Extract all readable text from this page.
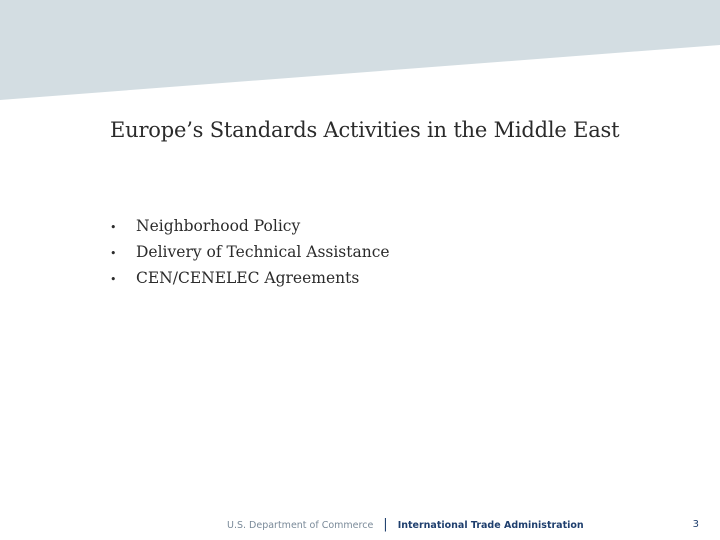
Europe’s Standards Activities in the Middle East
•	Neighborhood Policy
•	Delivery of Technical Assistance
•	CEN/CENELEC Agreements
U.S. Department of Commerce | International Trade Administration	3
